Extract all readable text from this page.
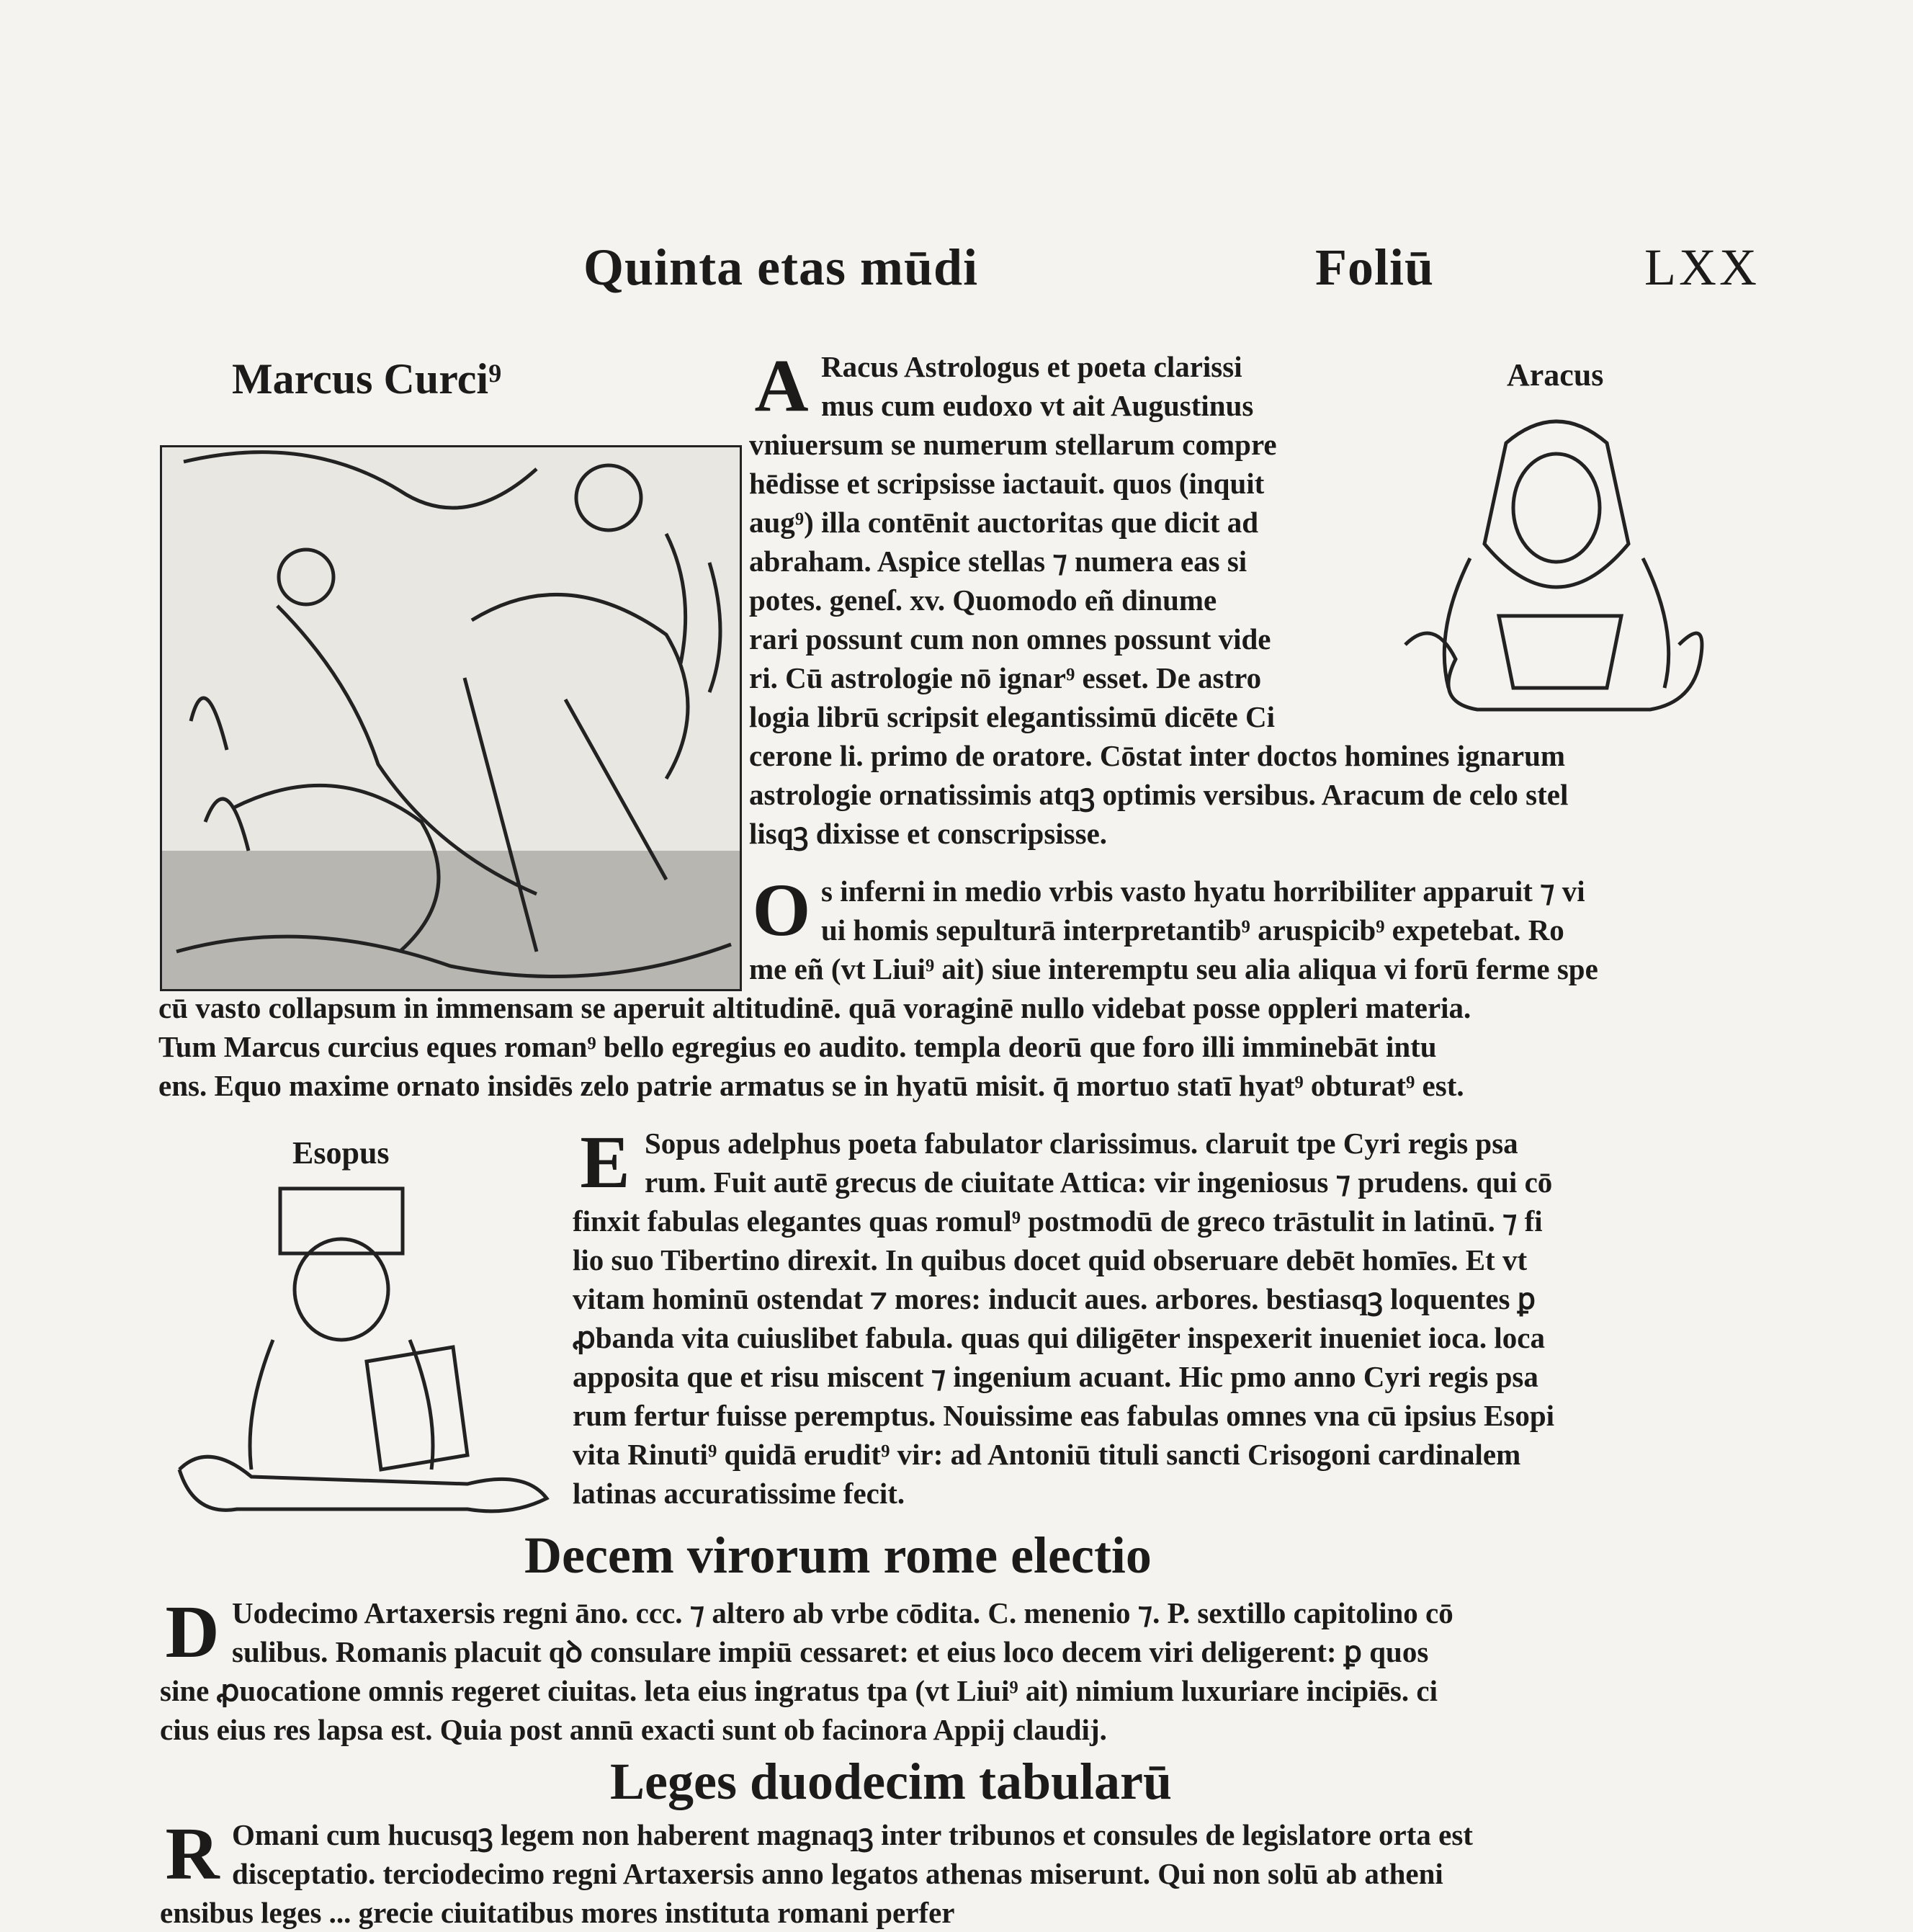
Quinta etas mūdi	Foliū	LXX
Marcus Curci⁹	Aracus
A Racus Astrologus et poeta clarissi
mus cum eudoxo vt ait Augustinus
vniuersum se numerum stellarum compre
hēdisse et scripsisse iactauit. quos (inquit
aug⁹) illa contēnit auctoritas que dicit ad
abraham. Aspice stellas ⁊ numera eas si
potes. geneſ. xv. Quomodo eñ dinume
rari possunt cum non omnes possunt vide
ri. Cū astrologie nō ignar⁹ esset. De astro
logia librū scripsit elegantissimū dicēte Ci
cerone li. primo de oratore. Cōstat inter doctos homines ignarum
astrologie ornatissimis atqꝫ optimis versibus. Aracum de celo stel
lisqꝫ dixisse et conscripsisse.
O s inferni in medio vrbis vasto hyatu horribiliter apparuit ⁊ vi
ui homis sepulturā interpretantib⁹ aruspicib⁹ expetebat. Ro
me eñ (vt Liui⁹ ait) siue interemptu seu alia aliqua vi forū ferme spe
cū vasto collapsum in immensam se aperuit altitudinē. quā voraginē nullo videbat posse oppleri materia.
Tum Marcus curcius eques roman⁹ bello egregius eo audito. templa deorū que foro illi imminebāt intu
ens. Equo maxime ornato insidēs zelo patrie armatus se in hyatū misit. q̄ mortuo statī hyat⁹ obturat⁹ est.
Esopus	E Sopus adelphus poeta fabulator clarissimus. claruit tpe Cyri regis psa
rum. Fuit autē grecus de ciuitate Attica: vir ingeniosus ⁊ prudens. qui cō
finxit fabulas elegantes quas romul⁹ postmodū de greco trāstulit in latinū. ⁊ fi
lio suo Tibertino direxit. In quibus docet quid obseruare debēt homīes. Et vt
vitam hominū ostendat ⁊ mores: inducit aues. arbores. bestiasqꝫ loquentes ꝑ
ꝓbanda vita cuiuslibet fabula. quas qui diligēter inspexerit inueniet ioca. loca
apposita que et risu miscent ⁊ ingenium acuant. Hic pmo anno Cyri regis psa
rum fertur fuisse peremptus. Nouissime eas fabulas omnes vna cū ipsius Esopi
vita Rinuti⁹ quidā erudit⁹ vir: ad Antoniū tituli sancti Crisogoni cardinalem
latinas accuratissime fecit.
Decem virorum rome electio
D Uodecimo Artaxersis regni āno. ccc. ⁊ altero ab vrbe cōdita. C. menenio ⁊. P. sextillo capitolino cō
sulibus. Romanis placuit qꝺ consulare impiū cessaret: et eius loco decem viri deligerent: ꝑ quos
sine ꝓuocatione omnis regeret ciuitas. leta eius ingratus tpa (vt Liui⁹ ait) nimium luxuriare incipiēs. ci
cius eius res lapsa est. Quia post annū exacti sunt ob facinora Appij claudij.
Leges duodecim tabularū
R Omani cum hucusqꝫ legem non haberent magnaqꝫ inter tribunos et consules de legislatore orta est
disceptatio. terciodecimo regni Artaxersis anno legatos athenas miserunt. Qui non solū ab atheni
ensibus leges ... grecie ciuitatibus mores instituta romani perfer
